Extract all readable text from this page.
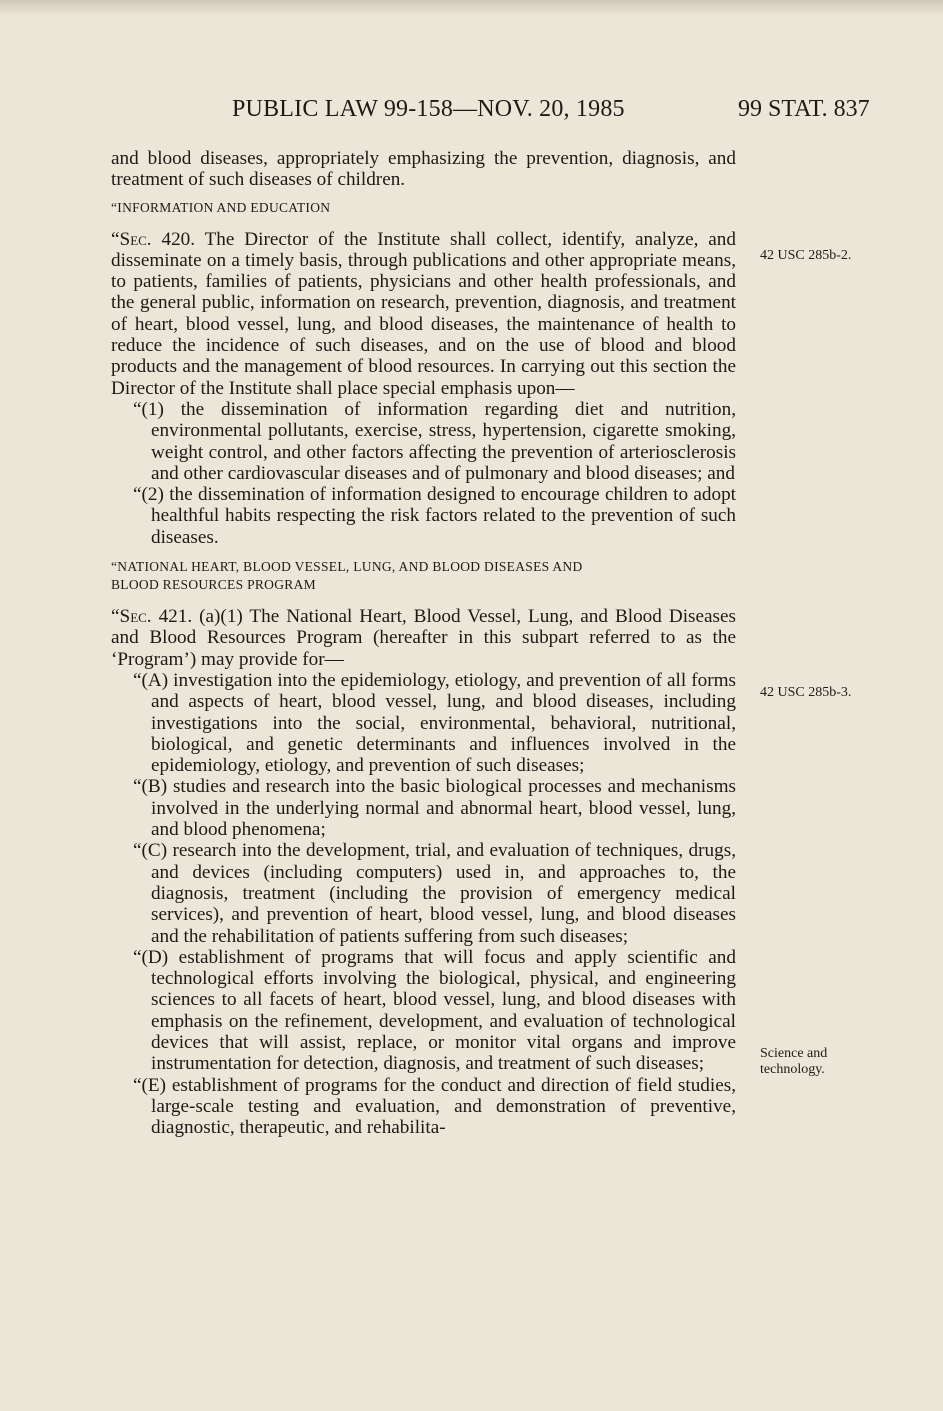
PUBLIC LAW 99-158—NOV. 20, 1985	99 STAT. 837

and blood diseases, appropriately emphasizing the prevention, diagnosis, and treatment of such diseases of children.

“INFORMATION AND EDUCATION

“Sec. 420. The Director of the Institute shall collect, identify, analyze, and disseminate on a timely basis, through publications and other appropriate means, to patients, families of patients, physicians and other health professionals, and the general public, information on research, prevention, diagnosis, and treatment of heart, blood vessel, lung, and blood diseases, the maintenance of health to reduce the incidence of such diseases, and on the use of blood and blood products and the management of blood resources. In carrying out this section the Director of the Institute shall place special emphasis upon—

“(1) the dissemination of information regarding diet and nutrition, environmental pollutants, exercise, stress, hypertension, cigarette smoking, weight control, and other factors affecting the prevention of arteriosclerosis and other cardiovascular diseases and of pulmonary and blood diseases; and

“(2) the dissemination of information designed to encourage children to adopt healthful habits respecting the risk factors related to the prevention of such diseases.

“NATIONAL HEART, BLOOD VESSEL, LUNG, AND BLOOD DISEASES AND
BLOOD RESOURCES PROGRAM

“Sec. 421. (a)(1) The National Heart, Blood Vessel, Lung, and Blood Diseases and Blood Resources Program (hereafter in this subpart referred to as the ‘Program’) may provide for—

“(A) investigation into the epidemiology, etiology, and prevention of all forms and aspects of heart, blood vessel, lung, and blood diseases, including investigations into the social, environmental, behavioral, nutritional, biological, and genetic determinants and influences involved in the epidemiology, etiology, and prevention of such diseases;

“(B) studies and research into the basic biological processes and mechanisms involved in the underlying normal and abnormal heart, blood vessel, lung, and blood phenomena;

“(C) research into the development, trial, and evaluation of techniques, drugs, and devices (including computers) used in, and approaches to, the diagnosis, treatment (including the provision of emergency medical services), and prevention of heart, blood vessel, lung, and blood diseases and the rehabilitation of patients suffering from such diseases;

“(D) establishment of programs that will focus and apply scientific and technological efforts involving the biological, physical, and engineering sciences to all facets of heart, blood vessel, lung, and blood diseases with emphasis on the refinement, development, and evaluation of technological devices that will assist, replace, or monitor vital organs and improve instrumentation for detection, diagnosis, and treatment of such diseases;

“(E) establishment of programs for the conduct and direction of field studies, large-scale testing and evaluation, and demonstration of preventive, diagnostic, therapeutic, and rehabilita-

42 USC 285b-2.
42 USC 285b-3.
Science and
technology.
